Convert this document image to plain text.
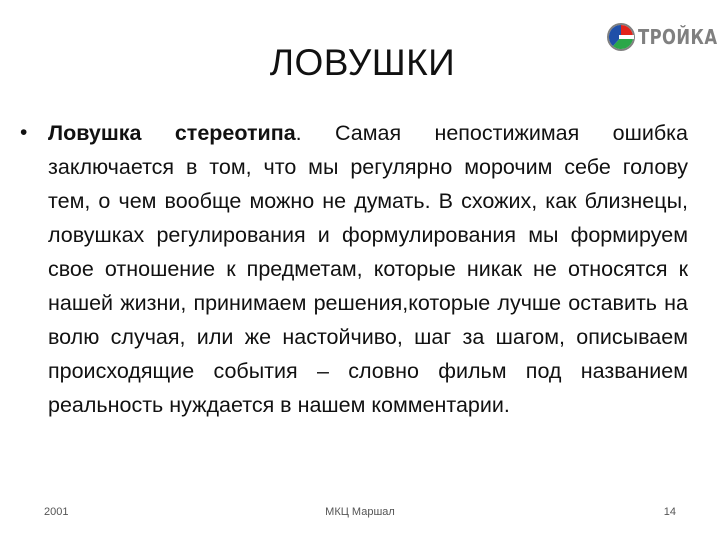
ТРОЙКА
ЛОВУШКИ

• Ловушка стереотипа. Самая непостижимая ошибка заключается в том, что мы регулярно морочим себе голову тем, о чем вообще можно не думать. В схожих, как близнецы, ловушках регулирования и формулирования мы формируем свое отношение к предметам, которые никак не относятся к нашей жизни, принимаем решения,которые лучше оставить на волю случая, или же настойчиво, шаг за шагом, описываем происходящие события – словно фильм под названием реальность нуждается в нашем комментарии.

2001	МКЦ Маршал	14
